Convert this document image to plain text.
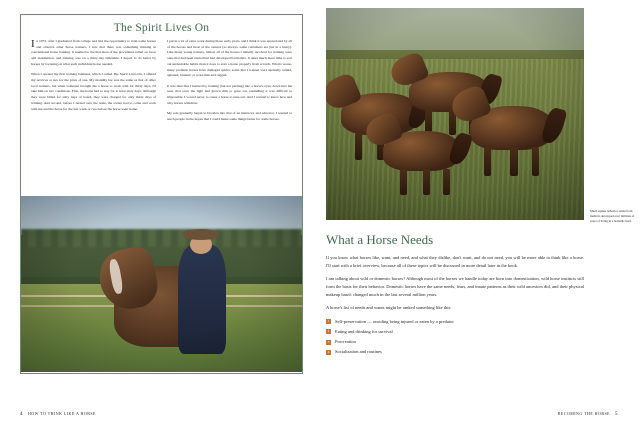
The Spirit Lives On

In 1973, after I graduated from college and had the opportunity to train some horses and observe other horse trainers, I saw that there was something missing in conventional horse training. It seemed to me that most of the procedures relied on force and domination, and training was on a thirty-day timetable. I hoped to do better by horses by focusing on what each individual horse needed.

When I opened my first training business, which I called The Spirit Lives On, I offered my services at two for the price of one. My monthly fee was the same as that of other local trainers, but when someone brought me a horse to work with for thirty days, I'd take him on two conditions. First, the horse had to stay for at least sixty days. Although they were billed for sixty days of board, they were charged for only thirty days of training. And second, before I turned over the reins, the owner had to come and work with me and the horse for the last week or two before the horse went home.

I put in a lot of extra work during those early years, and I think it was appreciated by all of the horses and most of the owners (as always, some customers are just in a hurry). Like many young trainers, almost all of the horses I initially received for training were ones that had been started but had developed bad habits. It takes much more time to sort out undesirable habits than it does to start a horse properly from scratch. What's worse, many problem horses have damaged spirits; some that I trained were mentally rattled, agitated, bruised, or worn thin and ragged.

It was then that I learned by looking (but not peering) into a horse's eyes, down into his soul, that once the light had grown dim or gone out, rekindling it was difficult to impossible. I vowed never to cause a horse to tune out. And I wanted to know how and why horses withdrew.

My role gradually began to broaden into that of an instructor and educator. I wanted to teach people in the hopes that I could make some things better for some horses.

4 HOW TO THINK LIKE A HORSE
Much equine behavior stems from instincts developed over millions of years of living in a nomadic herd.
What a Horse Needs

If you know what horses like, want, and need, and what they dislike, don't want, and do not need, you will be more able to think like a horse. I'll start with a brief overview, because all of these topics will be discussed in more detail later in the book.

I am talking about wild or domestic horses? Although most of the horses we handle today are born into domestication, wild horse instincts still form the basis for their behavior. Domestic horses have the same needs, fears, and innate patterns as their wild ancestors did, and their physical makeup hasn't changed much in the last several million years.

A horse's list of needs and wants might be ranked something like this:

1	Self-preservation — avoiding being injured or eaten by a predator
2	Eating and drinking for survival
3	Procreation
4	Socialization and routines
BECOMING THE HORSE 5
